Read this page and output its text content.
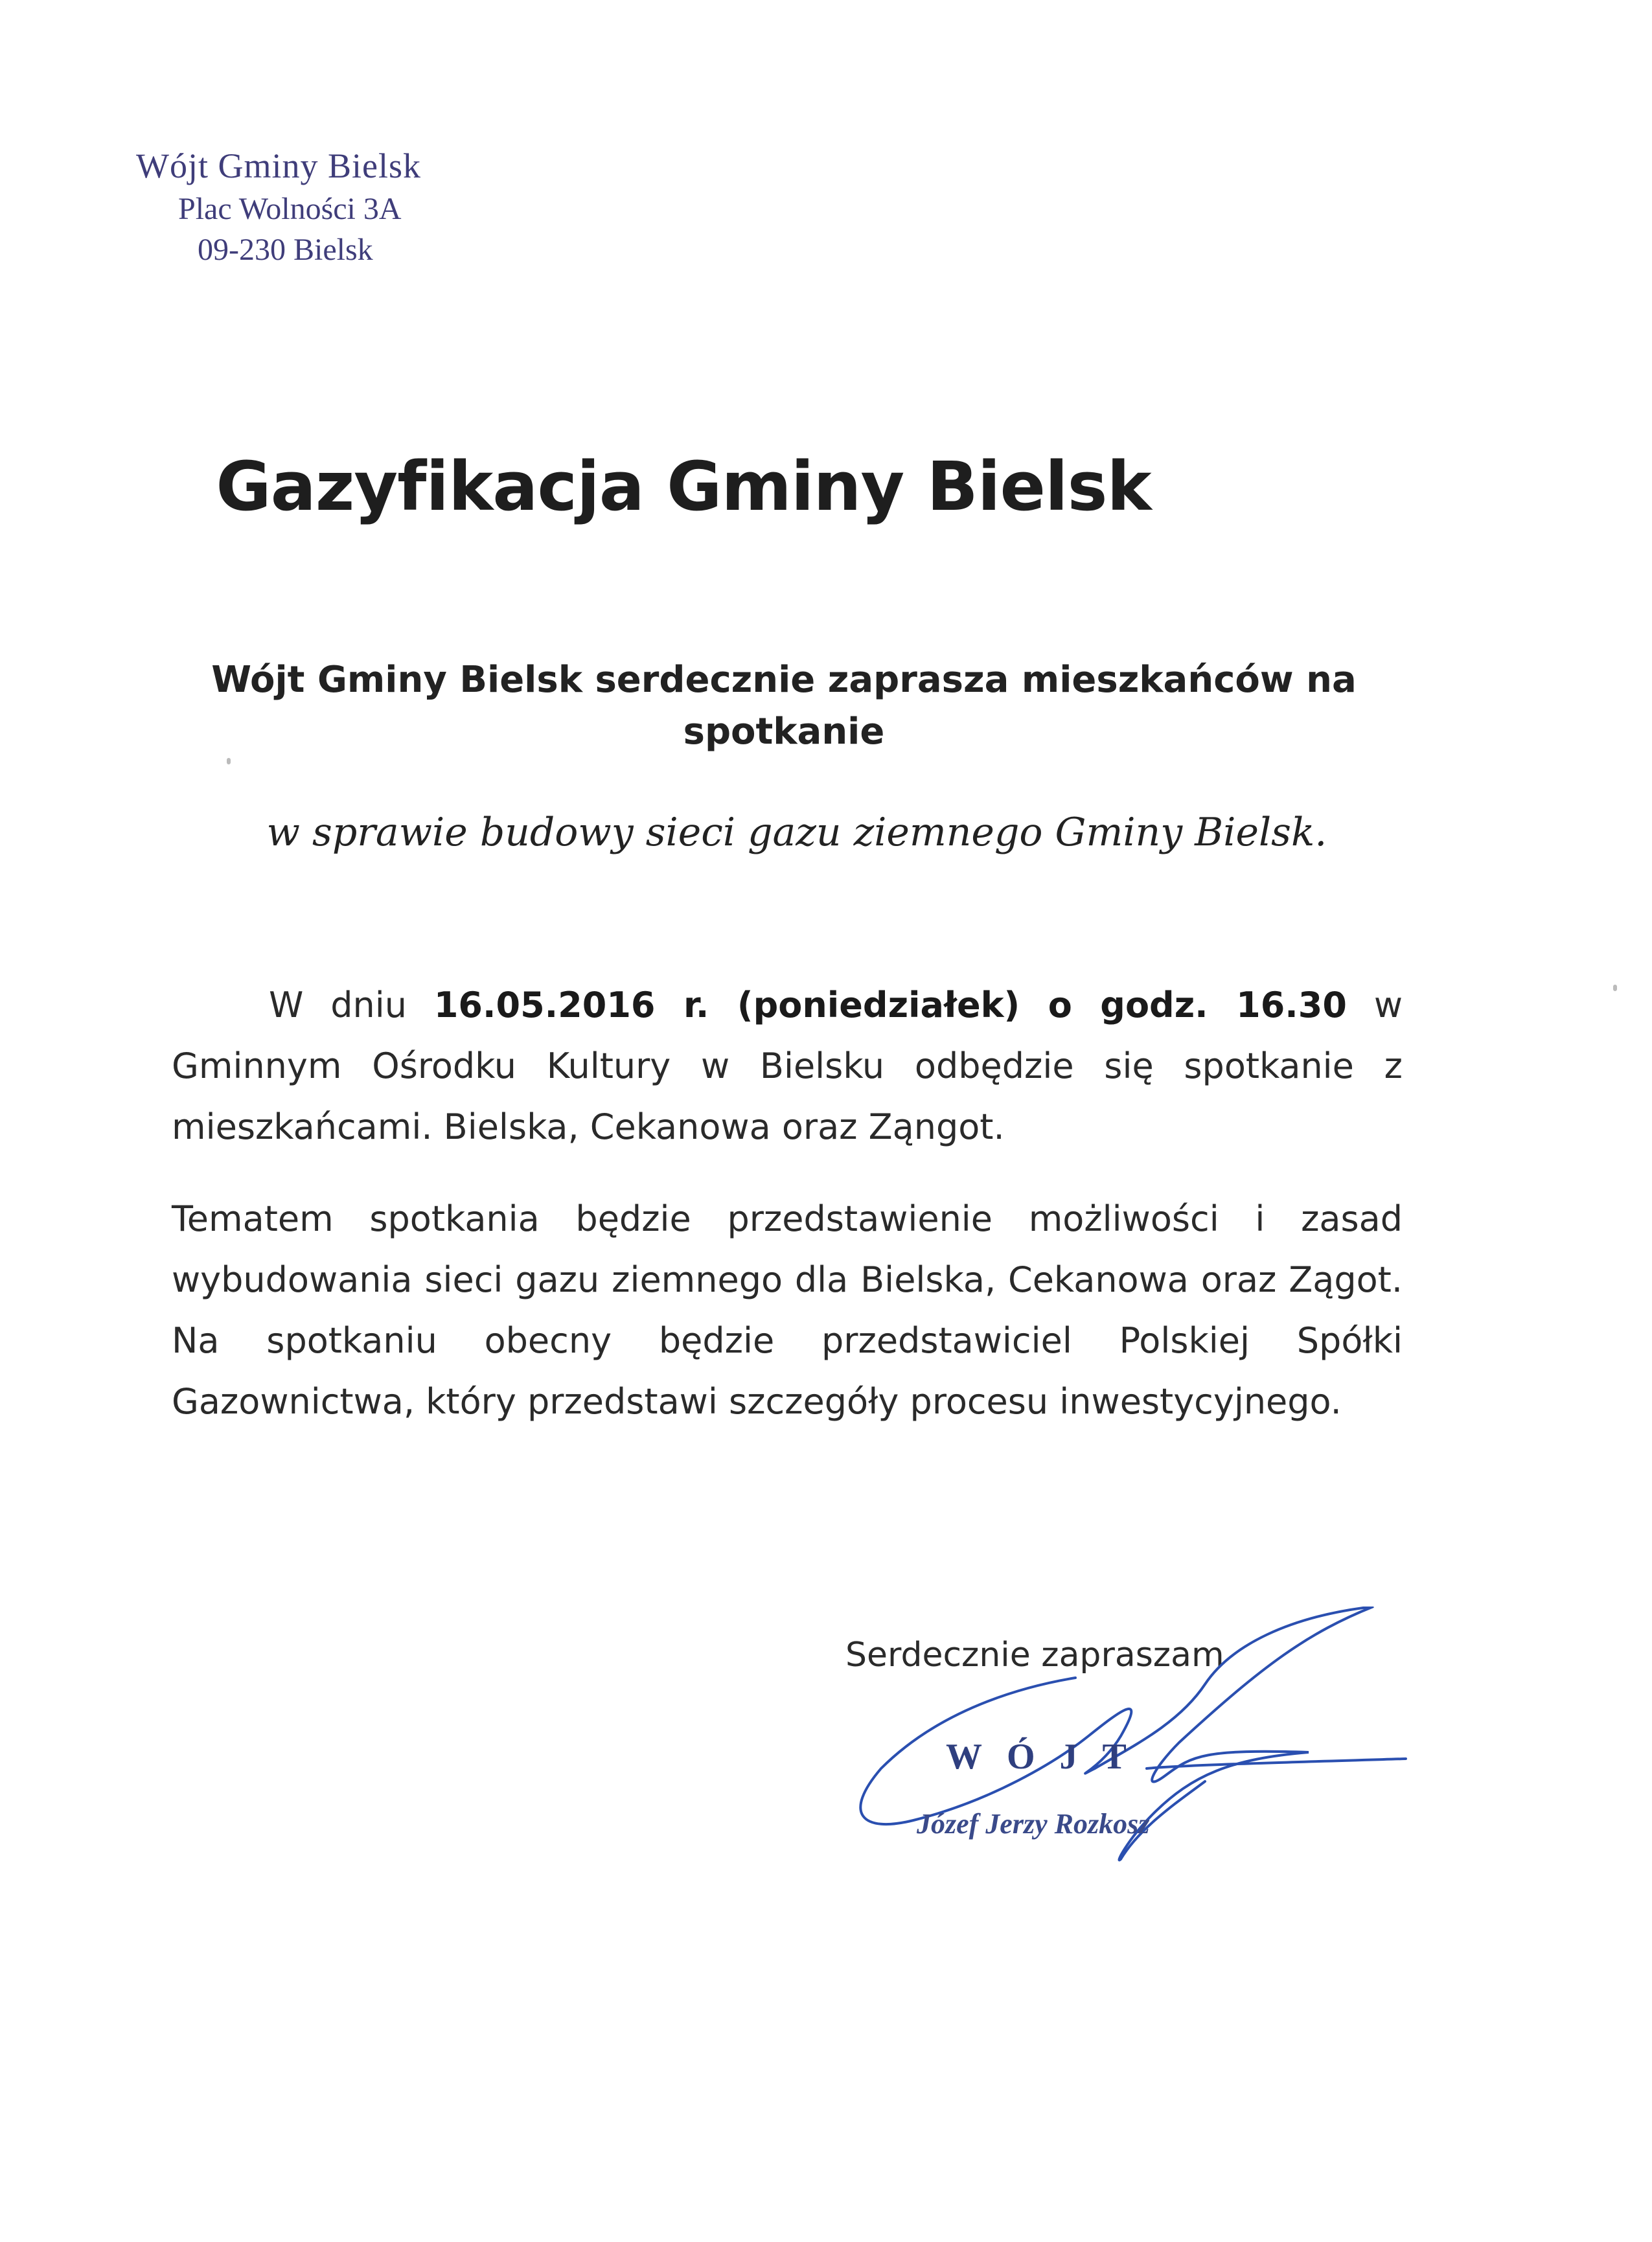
Wójt Gminy Bielsk
Plac Wolności 3A
09-230 Bielsk
Gazyfikacja Gminy Bielsk
Wójt Gminy Bielsk serdecznie zaprasza mieszkańców na spotkanie
w sprawie budowy sieci gazu ziemnego Gminy Bielsk.
W dniu 16.05.2016 r. (poniedziałek) o godz. 16.30 w Gminnym Ośrodku Kultury w Bielsku odbędzie się spotkanie z mieszkańcami. Bielska, Cekanowa oraz Ząngot.
Tematem spotkania będzie przedstawienie możliwości i zasad wybudowania sieci gazu ziemnego dla Bielska, Cekanowa oraz Zągot. Na spotkaniu obecny będzie przedstawiciel Polskiej Spółki Gazownictwa, który przedstawi szczegóły procesu inwestycyjnego.
Serdecznie zapraszam
WÓJT
Józef Jerzy Rozkosz
